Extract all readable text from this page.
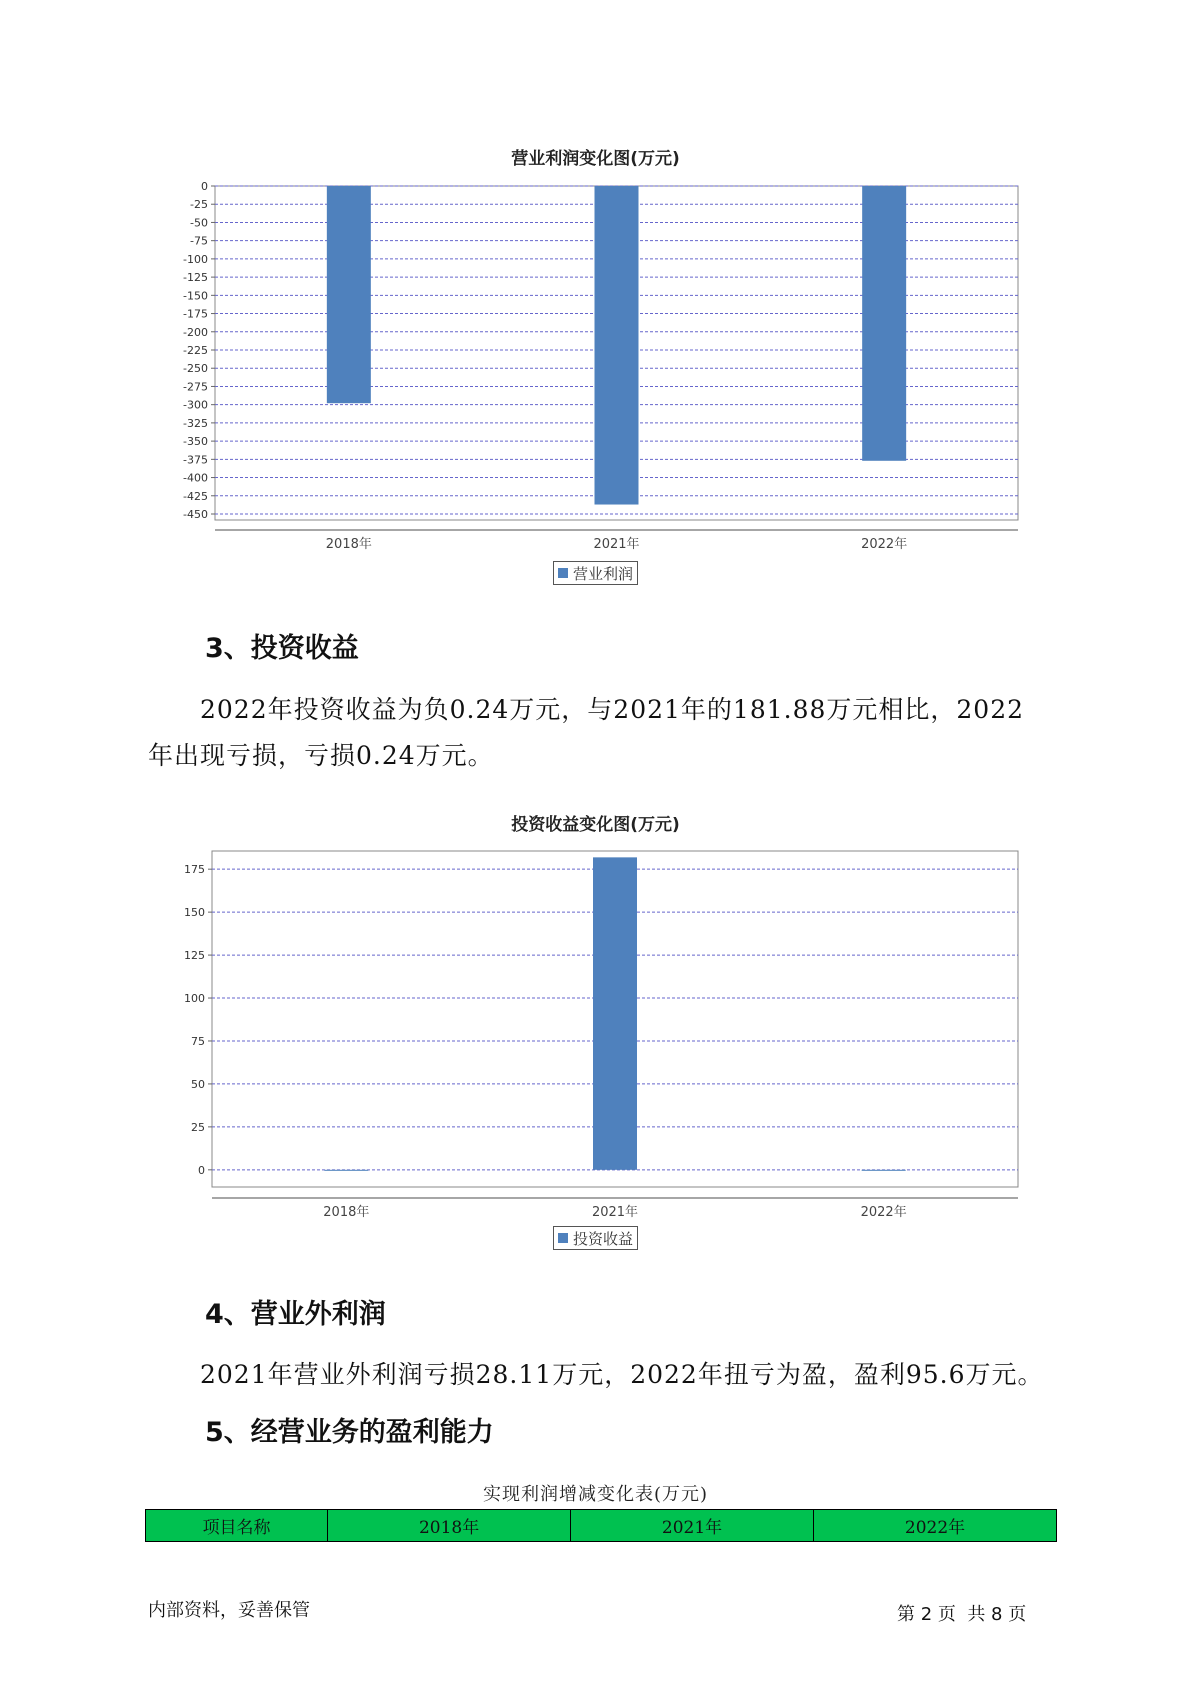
营业利润变化图(万元)
0
-25
-50
-75
-100
-125
-150
-175
-200
-225
-250
-275
-300
-325
-350
-375
-400
-425
-450
2018年	2021年	2022年
营业利润
3、投资收益
2022年投资收益为负0.24万元，与2021年的181.88万元相比，2022年出现亏损，亏损0.24万元。
投资收益变化图(万元)
0
25
50
75
100
125
150
175
2018年	2021年	2022年
投资收益
4、营业外利润
2021年营业外利润亏损28.11万元，2022年扭亏为盈，盈利95.6万元。
5、经营业务的盈利能力
实现利润增减变化表(万元)
项目名称	2018年	2021年	2022年
内部资料，妥善保管	第 2 页  共 8 页
